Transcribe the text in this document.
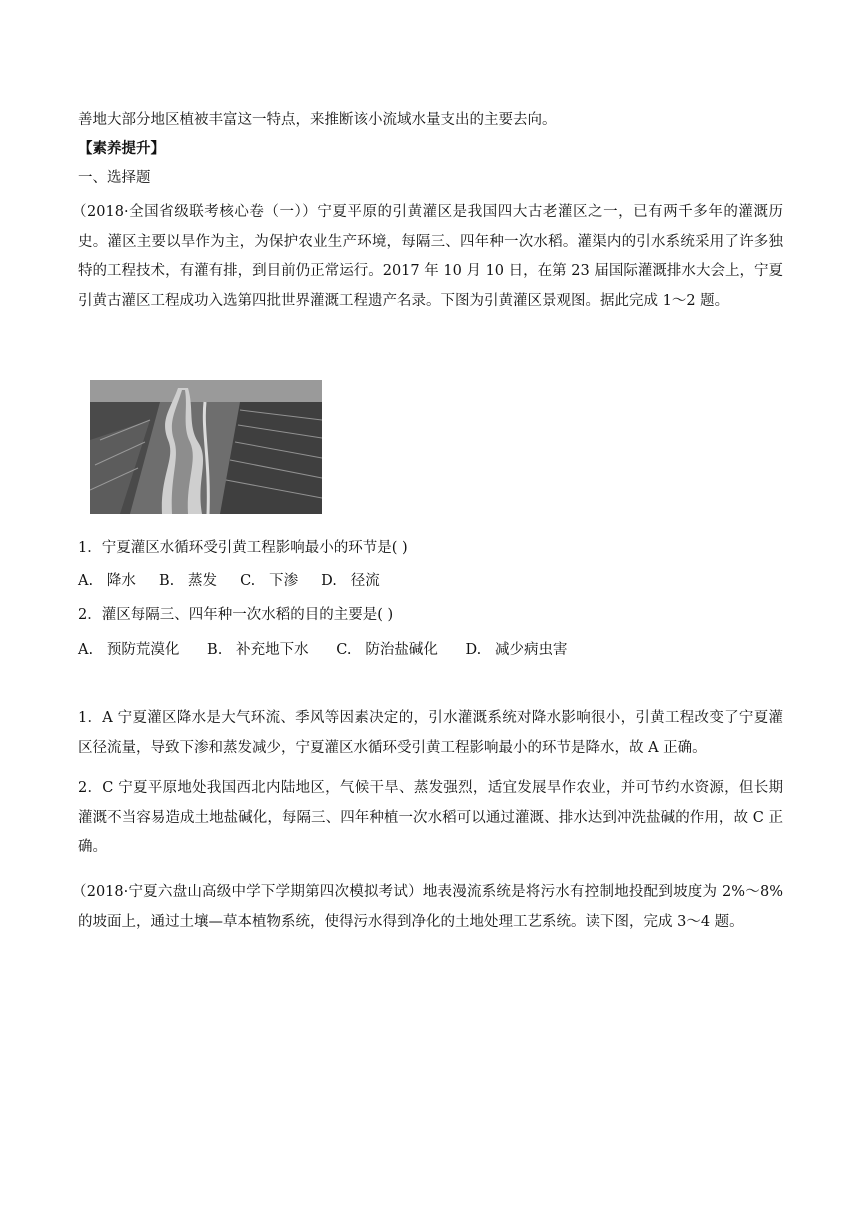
善地大部分地区植被丰富这一特点，来推断该小流域水量支出的主要去向。
【素养提升】
一、选择题
（2018·全国省级联考核心卷（一））宁夏平原的引黄灌区是我国四大古老灌区之一，已有两千多年的灌溉历史。灌区主要以旱作为主，为保护农业生产环境，每隔三、四年种一次水稻。灌渠内的引水系统采用了许多独特的工程技术，有灌有排，到目前仍正常运行。2017 年 10 月 10 日，在第 23 届国际灌溉排水大会上，宁夏引黄古灌区工程成功入选第四批世界灌溉工程遗产名录。下图为引黄灌区景观图。据此完成 1～2 题。
1．宁夏灌区水循环受引黄工程影响最小的环节是( )
A.   降水     B.   蒸发     C.   下渗     D.   径流
2．灌区每隔三、四年种一次水稻的目的主要是( )
A.   预防荒漠化      B.   补充地下水      C.   防治盐碱化      D.   减少病虫害
1．A 宁夏灌区降水是大气环流、季风等因素决定的，引水灌溉系统对降水影响很小，引黄工程改变了宁夏灌区径流量，导致下渗和蒸发减少，宁夏灌区水循环受引黄工程影响最小的环节是降水，故 A 正确。
2．C 宁夏平原地处我国西北内陆地区，气候干旱、蒸发强烈，适宜发展旱作农业，并可节约水资源，但长期灌溉不当容易造成土地盐碱化，每隔三、四年种植一次水稻可以通过灌溉、排水达到冲洗盐碱的作用，故 C 正确。
（2018·宁夏六盘山高级中学下学期第四次模拟考试）地表漫流系统是将污水有控制地投配到坡度为 2%～8%的坡面上，通过土壤—草本植物系统，使得污水得到净化的土地处理工艺系统。读下图，完成 3～4 题。
